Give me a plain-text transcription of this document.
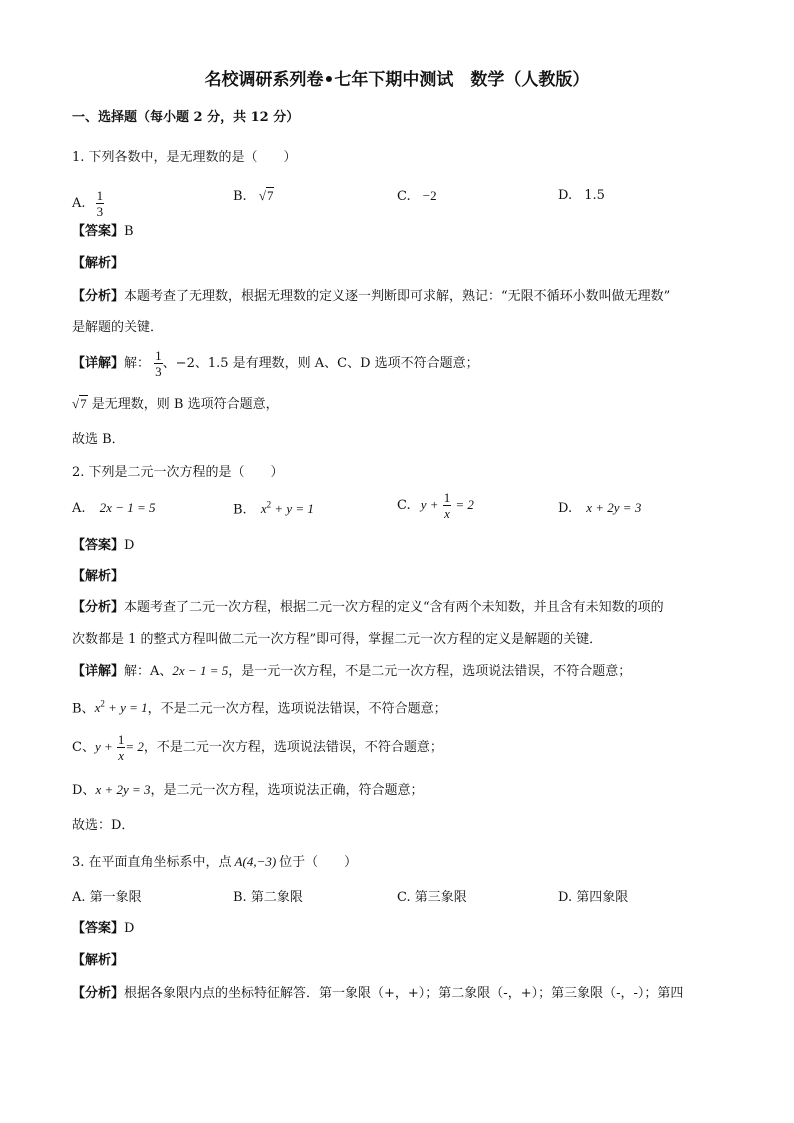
名校调研系列卷•七年下期中测试　数学（人教版）
一、选择题（每小题 2 分，共 12 分）
1. 下列各数中，是无理数的是（　　）
A. $\frac{1}{3}$	B. √7	C. −2	D. 1.5
【答案】B
【解析】
【分析】本题考查了无理数，根据无理数的定义逐一判断即可求解，熟记：“无限不循环小数叫做无理数”
是解题的关键．
【详解】解： $\frac{1}{3}$ 、−2、1.5 是有理数，则 A、C、D 选项不符合题意；
√7 是无理数，则 B 选项符合题意，
故选 B．
2. 下列是二元一次方程的是（　　）
A. 2x − 1 = 5	B. $x^2 + y = 1$	C. $y + \frac{1}{x} = 2$	D. x + 2y = 3
【答案】D
【解析】
【分析】本题考查了二元一次方程，根据二元一次方程的定义“含有两个未知数，并且含有未知数的项的
次数都是 1 的整式方程叫做二元一次方程”即可得，掌握二元一次方程的定义是解题的关键．
【详解】解：A、2x − 1 = 5，是一元一次方程，不是二元一次方程，选项说法错误，不符合题意；
B、$x^2 + y = 1$，不是二元一次方程，选项说法错误，不符合题意；
C、$y + \frac{1}{x} = 2$，不是二元一次方程，选项说法错误，不符合题意；
D、x + 2y = 3，是二元一次方程，选项说法正确，符合题意；
故选：D．
3. 在平面直角坐标系中，点 A(4,−3) 位于（　　）
A. 第一象限	B. 第二象限	C. 第三象限	D. 第四象限
【答案】D
【解析】
【分析】根据各象限内点的坐标特征解答．第一象限（+，+）；第二象限（-，+）；第三象限（-，-）；第四
